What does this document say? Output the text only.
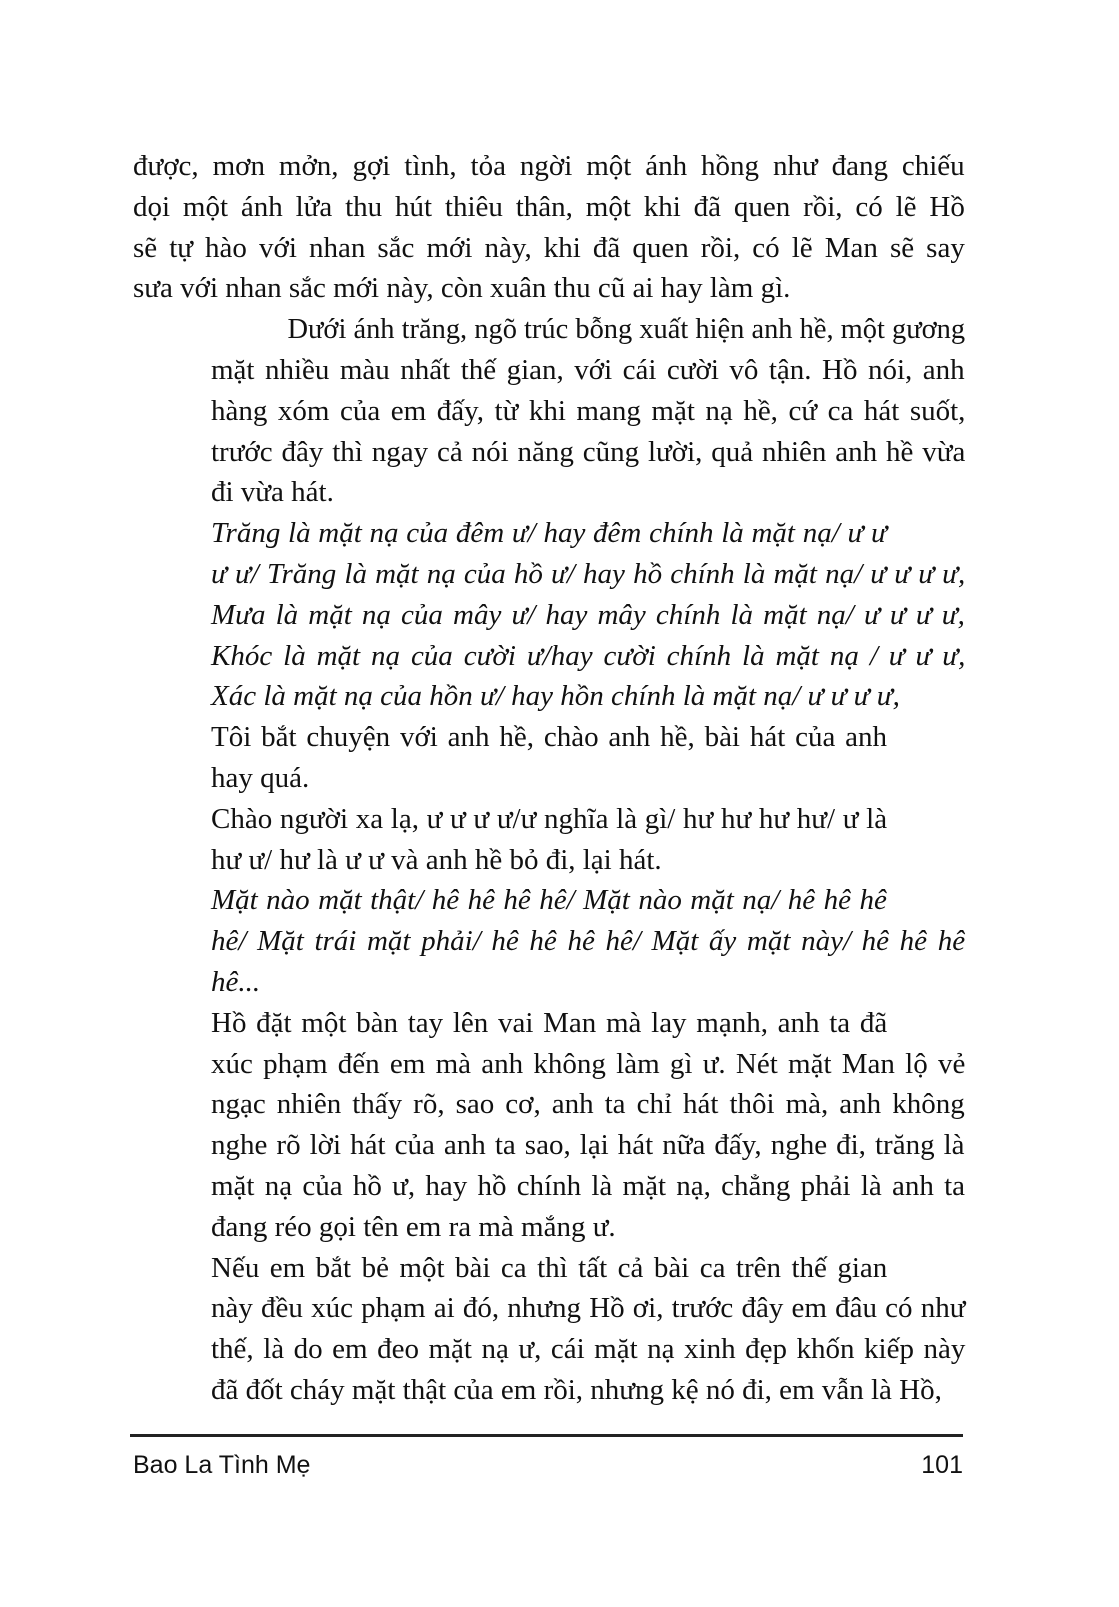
được, mơn mởn, gợi tình, tỏa ngời một ánh hồng như đang chiếu
dọi một ánh lửa thu hút thiêu thân, một khi đã quen rồi, có lẽ Hồ
sẽ tự hào với nhan sắc mới này, khi đã quen rồi, có lẽ Man sẽ say
sưa với nhan sắc mới này, còn xuân thu cũ ai hay làm gì.
Dưới ánh trăng, ngõ trúc bỗng xuất hiện anh hề, một gương
mặt nhiều màu nhất thế gian, với cái cười vô tận. Hồ nói, anh
hàng xóm của em đấy, từ khi mang mặt nạ hề, cứ ca hát suốt,
trước đây thì ngay cả nói năng cũng lười, quả nhiên anh hề vừa
đi vừa hát.
Trăng là mặt nạ của đêm ư/ hay đêm chính là mặt nạ/ ư ư
ư ư/ Trăng là mặt nạ của hồ ư/ hay hồ chính là mặt nạ/ ư ư ư ư,
Mưa là mặt nạ của mây ư/ hay mây chính là mặt nạ/ ư ư ư ư,
Khóc là mặt nạ của cười ư/hay cười chính là mặt nạ / ư ư ư,
Xác là mặt nạ của hồn ư/ hay hồn chính là mặt nạ/ ư ư ư ư,
Tôi bắt chuyện với anh hề, chào anh hề, bài hát của anh
hay quá.
Chào người xa lạ, ư ư ư ư/ư nghĩa là gì/ hư hư hư hư/ ư là
hư ư/ hư là ư ư và anh hề bỏ đi, lại hát.
Mặt nào mặt thật/ hê hê hê hê/ Mặt nào mặt nạ/ hê hê hê
hê/ Mặt trái mặt phải/ hê hê hê hê/ Mặt ấy mặt này/ hê hê hê
hê...
Hồ đặt một bàn tay lên vai Man mà lay mạnh, anh ta đã
xúc phạm đến em mà anh không làm gì ư. Nét mặt Man lộ vẻ
ngạc nhiên thấy rõ, sao cơ, anh ta chỉ hát thôi mà, anh không
nghe rõ lời hát của anh ta sao, lại hát nữa đấy, nghe đi, trăng là
mặt nạ của hồ ư, hay hồ chính là mặt nạ, chẳng phải là anh ta
đang réo gọi tên em ra mà mắng ư.
Nếu em bắt bẻ một bài ca thì tất cả bài ca trên thế gian
này đều xúc phạm ai đó, nhưng Hồ ơi, trước đây em đâu có như
thế, là do em đeo mặt nạ ư, cái mặt nạ xinh đẹp khốn kiếp này
đã đốt cháy mặt thật của em rồi, nhưng kệ nó đi, em vẫn là Hồ,
Bao La Tình Mẹ	101
